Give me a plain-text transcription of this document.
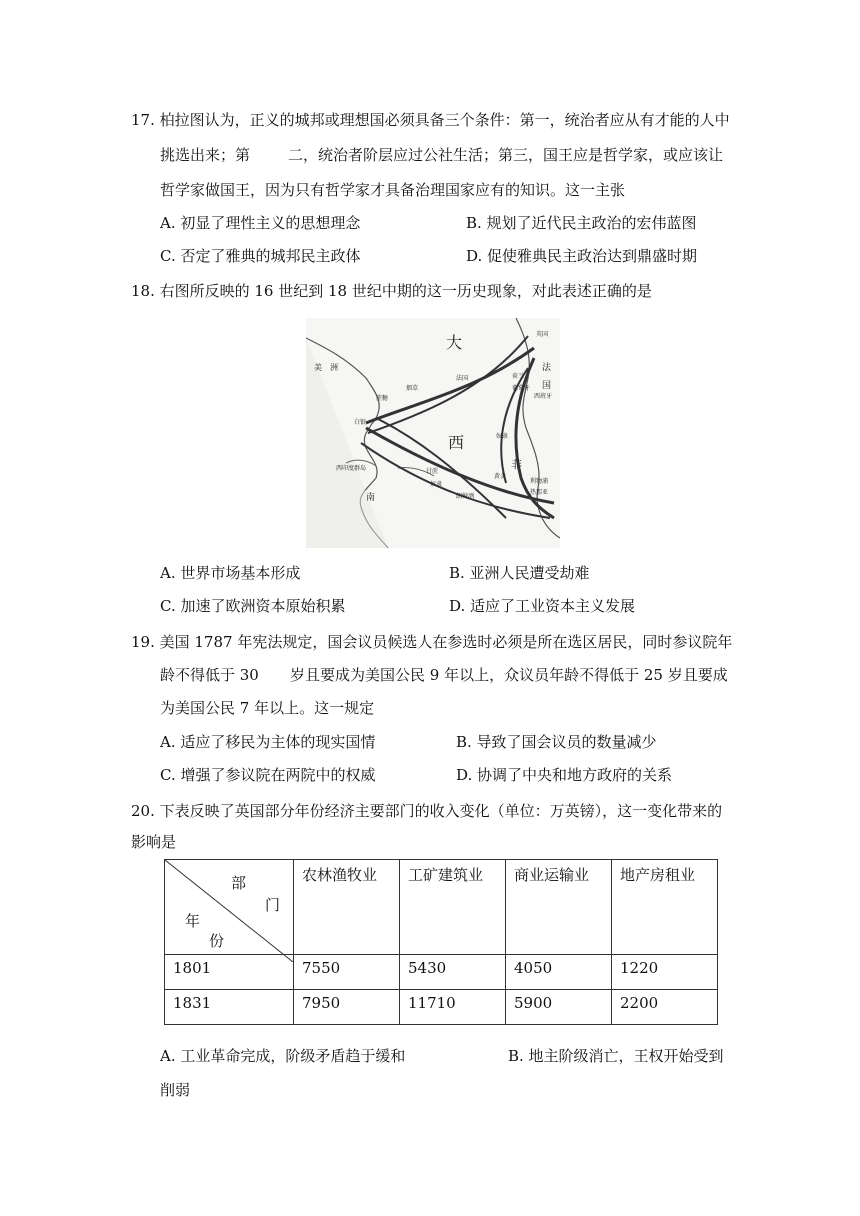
17. 柏拉图认为，正义的城邦或理想国必须具备三个条件：第一，统治者应从有才能的人中
挑选出来；第	二，统治者阶层应过公社生活；第三，国王应是哲学家，或应该让
哲学家做国王，因为只有哲学家才具备治理国家应有的知识。这一主张
A. 初显了理性主义的思想理念	B. 规划了近代民主政治的宏伟蓝图
C. 否定了雅典的城邦民主政体	D. 促使雅典民主政治达到鼎盛时期
18. 右图所反映的 16 世纪到 18 世纪中期的这一历史现象，对此表述正确的是
大
西
美　洲
非
南
法
国
英国
荷兰
西班牙
葡萄牙
法国
西印度群岛
奴隶
黄金
白银
烟草
蔗糖
甘蔗
利物浦
热那亚
朗姆酒
奴隶
A. 世界市场基本形成	B. 亚洲人民遭受劫难
C. 加速了欧洲资本原始积累	D. 适应了工业资本主义发展
19. 美国 1787 年宪法规定，国会议员候选人在参选时必须是所在选区居民，同时参议院年
龄不得低于 30 岁且要成为美国公民 9 年以上，众议员年龄不得低于 25 岁且要成
为美国公民 7 年以上。这一规定
A. 适应了移民为主体的现实国情	B. 导致了国会议员的数量减少
C. 增强了参议院在两院中的权威	D. 协调了中央和地方政府的关系
20. 下表反映了英国部分年份经济主要部门的收入变化（单位：万英镑），这一变化带来的
影响是
部
门
年
份	农林渔牧业	工矿建筑业	商业运输业	地产房租业
1801	7550	5430	4050	1220
1831	7950	11710	5900	2200
A. 工业革命完成，阶级矛盾趋于缓和	B. 地主阶级消亡，王权开始受到
削弱
